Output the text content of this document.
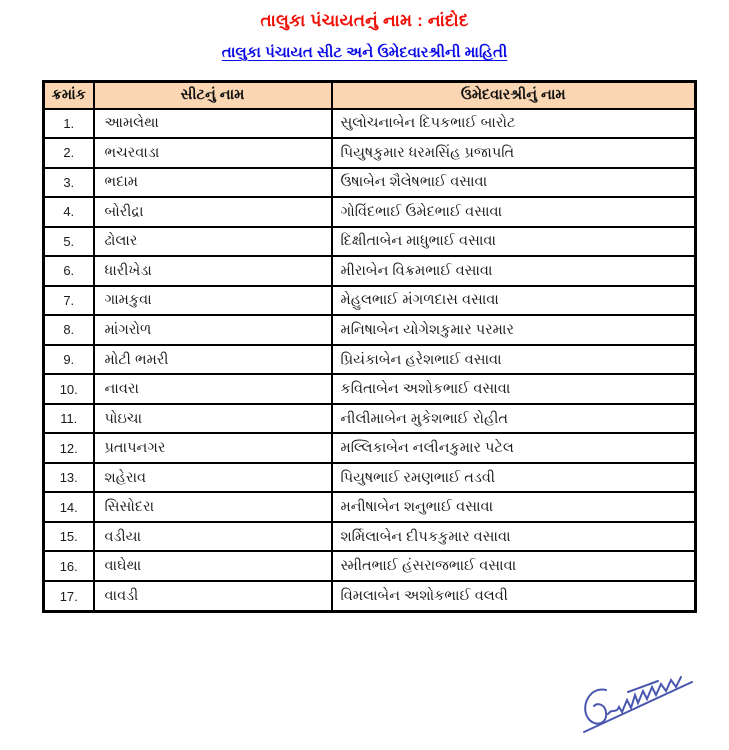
તાલુકા પંચાયતનું નામ : નાંદોદ
તાલુકા પંચાયત સીટ અને ઉમેદવારશ્રીની માહિતી
ક્રમાંક	સીટનું નામ	ઉમેદવારશ્રીનું નામ
1.	આમલેથા	સુલોચનાબેન દિપકભાઈ બારોટ
2.	ભચરવાડા	પિયુષકુમાર ધરમસિંહ પ્રજાપતિ
3.	ભદામ	ઉષાબેન શૈલેષભાઈ વસાવા
4.	બોરીદ્રા	ગોવિંદભાઈ ઉમેદભાઈ વસાવા
5.	ઢોલાર	દિક્ષીતાબેન માધુભાઈ વસાવા
6.	ધારીખેડા	મીરાબેન વિક્રમભાઈ વસાવા
7.	ગામકુવા	મેહુલભાઈ મંગળદાસ વસાવા
8.	માંગરોળ	મનિષાબેન યોગેશકુમાર પરમાર
9.	મોટી ભમરી	પ્રિયંકાબેન હરેશભાઈ વસાવા
10.	નાવરા	કવિતાબેન અશોકભાઈ વસાવા
11.	પોઇચા	નીલીમાબેન મુકેશભાઈ રોહીત
12.	પ્રતાપનગર	મલ્લિકાબેન નલીનકુમાર પટેલ
13.	શહેરાવ	પિયુષભાઈ રમણભાઈ તડવી
14.	સિસોદરા	મનીષાબેન શનુભાઈ વસાવા
15.	વડીયા	શર્મિલાબેન દીપકકુમાર વસાવા
16.	વાઘેથા	સ્મીતભાઈ હંસરાજભાઈ વસાવા
17.	વાવડી	વિમલાબેન અશોકભાઈ વલવી
